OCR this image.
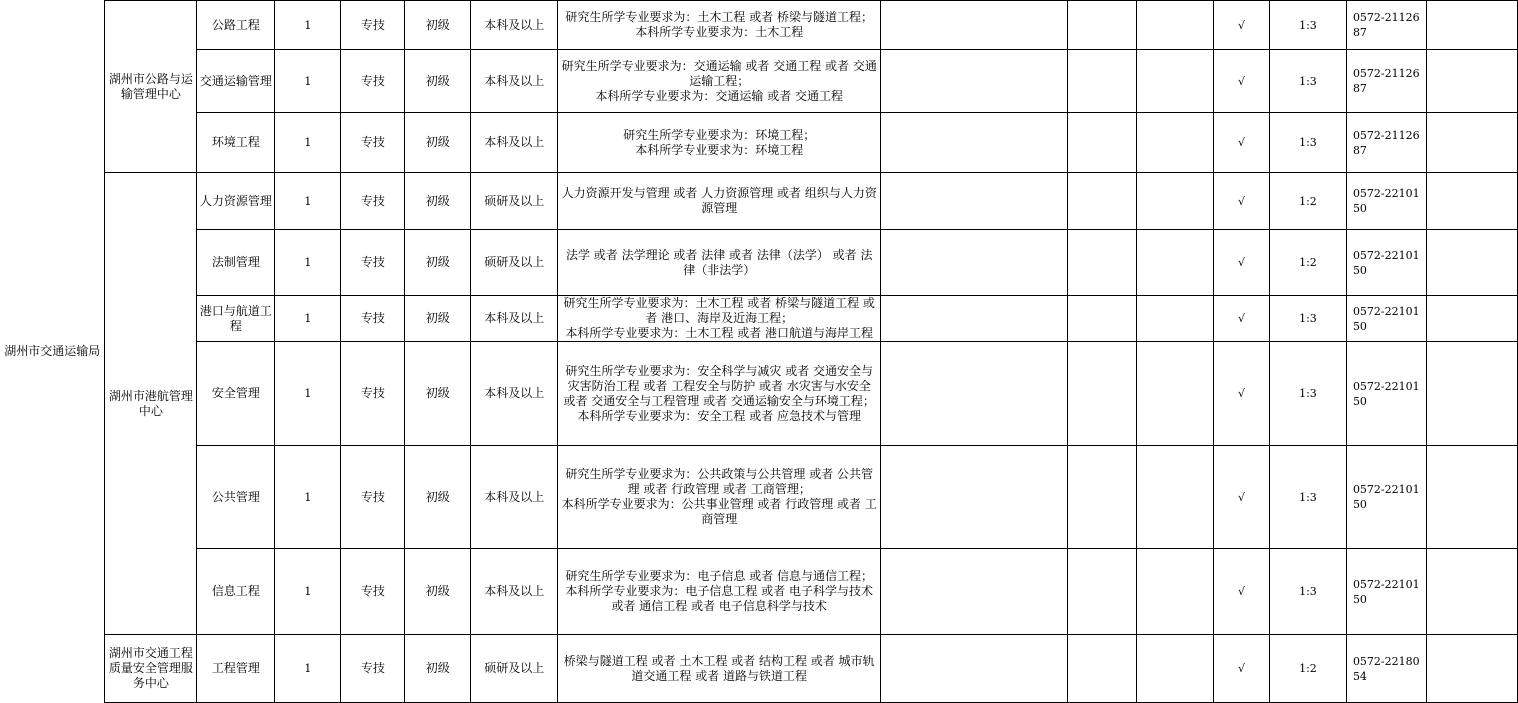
湖州市交通运输局	湖州市公路与运输管理中心	公路工程	1	专技	初级	本科及以上	研究生所学专业要求为：土木工程 或者 桥梁与隧道工程；
本科所学专业要求为：土木工程				√	1:3	0572-2112687	
		交通运输管理	1	专技	初级	本科及以上	研究生所学专业要求为：交通运输 或者 交通工程 或者 交通运输工程；
本科所学专业要求为：交通运输 或者 交通工程				√	1:3	0572-2112687	
		环境工程	1	专技	初级	本科及以上	研究生所学专业要求为：环境工程；
本科所学专业要求为：环境工程				√	1:3	0572-2112687	
	湖州市港航管理中心	人力资源管理	1	专技	初级	硕研及以上	人力资源开发与管理 或者 人力资源管理 或者 组织与人力资源管理				√	1:2	0572-2210150	
		法制管理	1	专技	初级	硕研及以上	法学 或者 法学理论 或者 法律 或者 法律（法学） 或者 法律（非法学）				√	1:2	0572-2210150	
		港口与航道工程	1	专技	初级	本科及以上	研究生所学专业要求为：土木工程 或者 桥梁与隧道工程 或者 港口、海岸及近海工程；
本科所学专业要求为：土木工程 或者 港口航道与海岸工程				√	1:3	0572-2210150	
		安全管理	1	专技	初级	本科及以上	研究生所学专业要求为：安全科学与减灾 或者 交通安全与灾害防治工程 或者 工程安全与防护 或者 水灾害与水安全 或者 交通安全与工程管理 或者 交通运输安全与环境工程；
本科所学专业要求为：安全工程 或者 应急技术与管理				√	1:3	0572-2210150	
		公共管理	1	专技	初级	本科及以上	研究生所学专业要求为：公共政策与公共管理 或者 公共管理 或者 行政管理 或者 工商管理；
本科所学专业要求为：公共事业管理 或者 行政管理 或者 工商管理				√	1:3	0572-2210150	
		信息工程	1	专技	初级	本科及以上	研究生所学专业要求为：电子信息 或者 信息与通信工程；
本科所学专业要求为：电子信息工程 或者 电子科学与技术 或者 通信工程 或者 电子信息科学与技术				√	1:3	0572-2210150	
	湖州市交通工程质量安全管理服务中心	工程管理	1	专技	初级	硕研及以上	桥梁与隧道工程 或者 土木工程 或者 结构工程 或者 城市轨道交通工程 或者 道路与铁道工程				√	1:2	0572-2218054	
